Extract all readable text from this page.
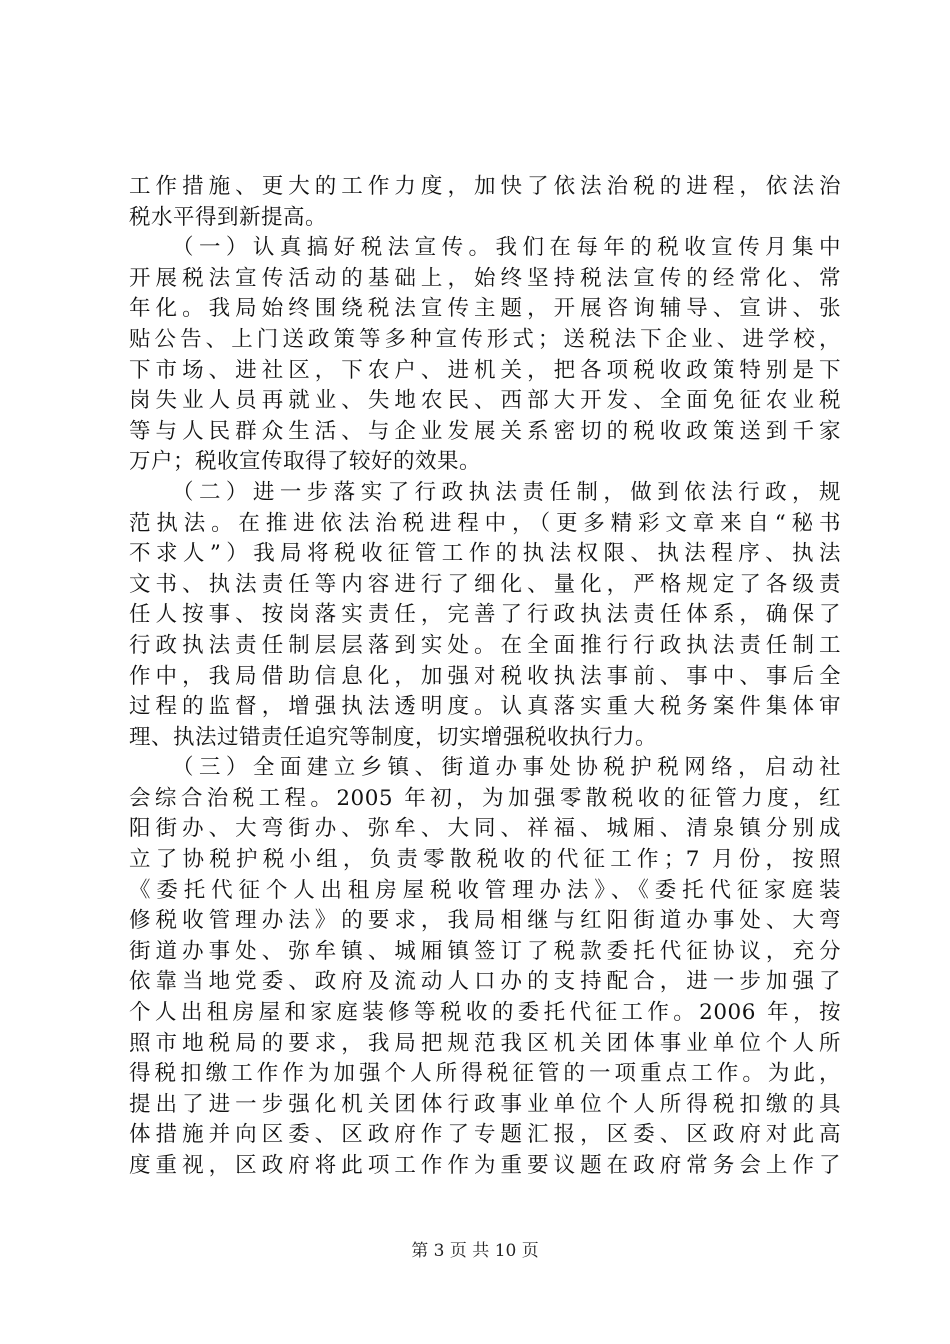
工作措施、更大的工作力度，加快了依法治税的进程，依法治
税水平得到新提高。
（一）认真搞好税法宣传。我们在每年的税收宣传月集中
开展税法宣传活动的基础上，始终坚持税法宣传的经常化、常
年化。我局始终围绕税法宣传主题，开展咨询辅导、宣讲、张
贴公告、上门送政策等多种宣传形式；送税法下企业、进学校，
下市场、进社区，下农户、进机关，把各项税收政策特别是下
岗失业人员再就业、失地农民、西部大开发、全面免征农业税
等与人民群众生活、与企业发展关系密切的税收政策送到千家
万户；税收宣传取得了较好的效果。
（二）进一步落实了行政执法责任制，做到依法行政，规
范执法。在推进依法治税进程中，（更多精彩文章来自“秘书
不求人”）我局将税收征管工作的执法权限、执法程序、执法
文书、执法责任等内容进行了细化、量化，严格规定了各级责
任人按事、按岗落实责任，完善了行政执法责任体系，确保了
行政执法责任制层层落到实处。在全面推行行政执法责任制工
作中，我局借助信息化，加强对税收执法事前、事中、事后全
过程的监督，增强执法透明度。认真落实重大税务案件集体审
理、执法过错责任追究等制度，切实增强税收执行力。
（三）全面建立乡镇、街道办事处协税护税网络，启动社
会综合治税工程。2005 年初，为加强零散税收的征管力度，红
阳街办、大弯街办、弥牟、大同、祥福、城厢、清泉镇分别成
立了协税护税小组，负责零散税收的代征工作；7 月份，按照
《委托代征个人出租房屋税收管理办法》、《委托代征家庭装
修税收管理办法》的要求，我局相继与红阳街道办事处、大弯
街道办事处、弥牟镇、城厢镇签订了税款委托代征协议，充分
依靠当地党委、政府及流动人口办的支持配合，进一步加强了
个人出租房屋和家庭装修等税收的委托代征工作。2006 年，按
照市地税局的要求，我局把规范我区机关团体事业单位个人所
得税扣缴工作作为加强个人所得税征管的一项重点工作。为此，
提出了进一步强化机关团体行政事业单位个人所得税扣缴的具
体措施并向区委、区政府作了专题汇报，区委、区政府对此高
度重视，区政府将此项工作作为重要议题在政府常务会上作了
第 3 页 共 10 页
